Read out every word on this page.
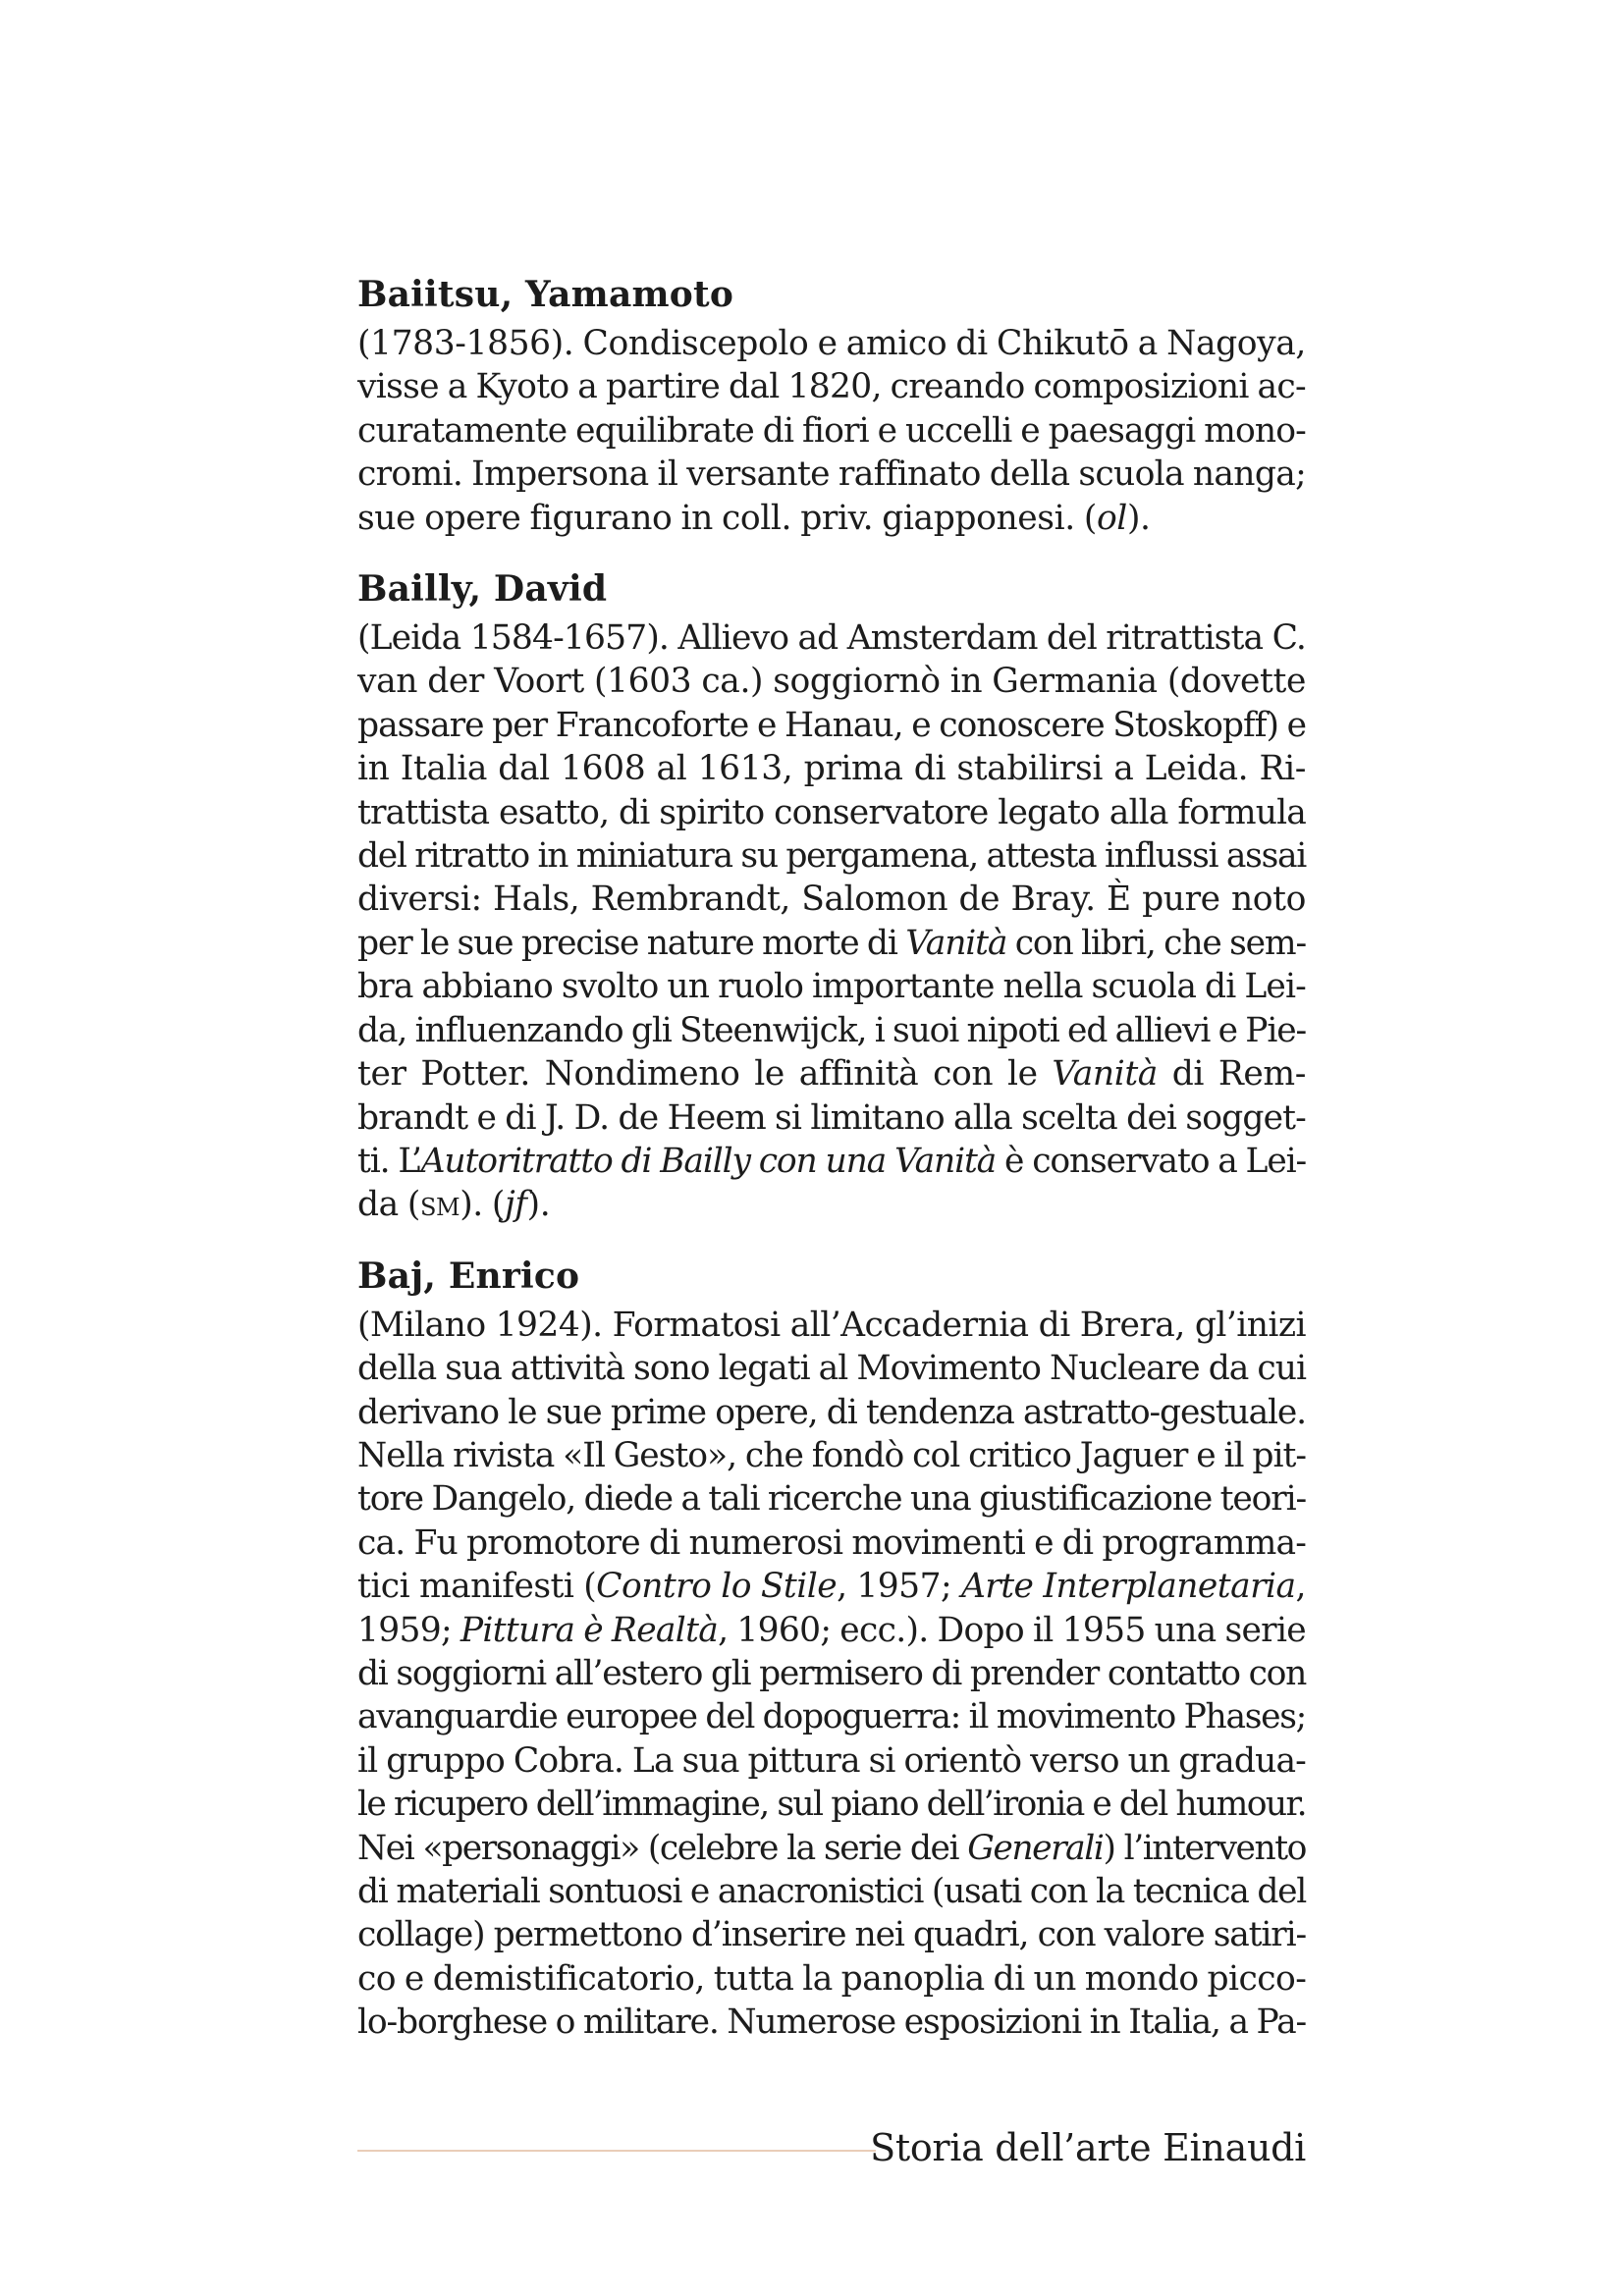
Baiitsu, Yamamoto
(1783-1856). Condiscepolo e amico di Chikutō a Nagoya,
visse a Kyoto a partire dal 1820, creando composizioni ac-
curatamente equilibrate di fiori e uccelli e paesaggi mono-
cromi. Impersona il versante raffinato della scuola nanga;
sue opere figurano in coll. priv. giapponesi. (ol).
Bailly, David
(Leida 1584-1657). Allievo ad Amsterdam del ritrattista C.
van der Voort (1603 ca.) soggiornò in Germania (dovette
passare per Francoforte e Hanau, e conoscere Stoskopff) e
in Italia dal 1608 al 1613, prima di stabilirsi a Leida. Ri-
trattista esatto, di spirito conservatore legato alla formula
del ritratto in miniatura su pergamena, attesta influssi assai
diversi: Hals, Rembrandt, Salomon de Bray. È pure noto
per le sue precise nature morte di Vanità con libri, che sem-
bra abbiano svolto un ruolo importante nella scuola di Lei-
da, influenzando gli Steenwijck, i suoi nipoti ed allievi e Pie-
ter Potter. Nondimeno le affinità con le Vanità di Rem-
brandt e di J. D. de Heem si limitano alla scelta dei sogget-
ti. L’Autoritratto di Bailly con una Vanità è conservato a Lei-
da (sm). (jf).
Baj, Enrico
(Milano 1924). Formatosi all’Accadernia di Brera, gl’inizi
della sua attività sono legati al Movimento Nucleare da cui
derivano le sue prime opere, di tendenza astratto-gestuale.
Nella rivista «Il Gesto», che fondò col critico Jaguer e il pit-
tore Dangelo, diede a tali ricerche una giustificazione teori-
ca. Fu promotore di numerosi movimenti e di programma-
tici manifesti (Contro lo Stile, 1957; Arte Interplanetaria,
1959; Pittura è Realtà, 1960; ecc.). Dopo il 1955 una serie
di soggiorni all’estero gli permisero di prender contatto con
avanguardie europee del dopoguerra: il movimento Phases;
il gruppo Cobra. La sua pittura si orientò verso un gradua-
le ricupero dell’immagine, sul piano dell’ironia e del humour.
Nei «personaggi» (celebre la serie dei Generali) l’intervento
di materiali sontuosi e anacronistici (usati con la tecnica del
collage) permettono d’inserire nei quadri, con valore satiri-
co e demistificatorio, tutta la panoplia di un mondo picco-
lo-borghese o militare. Numerose esposizioni in Italia, a Pa-
Storia dell’arte Einaudi
